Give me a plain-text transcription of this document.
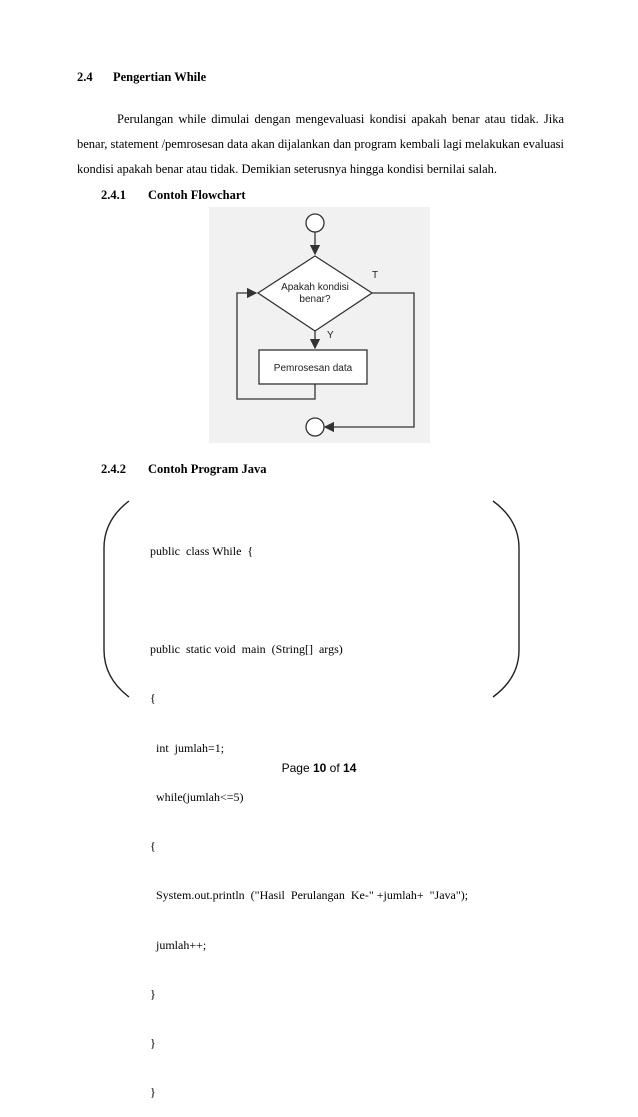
2.4 Pengertian While
Perulangan while dimulai dengan mengevaluasi kondisi apakah benar atau tidak. Jika
benar, statement /pemrosesan data akan dijalankan dan program kembali lagi melakukan evaluasi
kondisi apakah benar atau tidak. Demikian seterusnya hingga kondisi bernilai salah.
2.4.1 Contoh Flowchart
Apakah kondisi
benar?
T
Y
Pemrosesan data
2.4.2 Contoh Program Java

public  class While  {

public  static void  main  (String[]  args)

{

int  jumlah=1;

while(jumlah<=5)

{

System.out.println  ("Hasil  Perulangan  Ke-" +jumlah+  "Java");

jumlah++;

}

}

}

Page 10 of 14
